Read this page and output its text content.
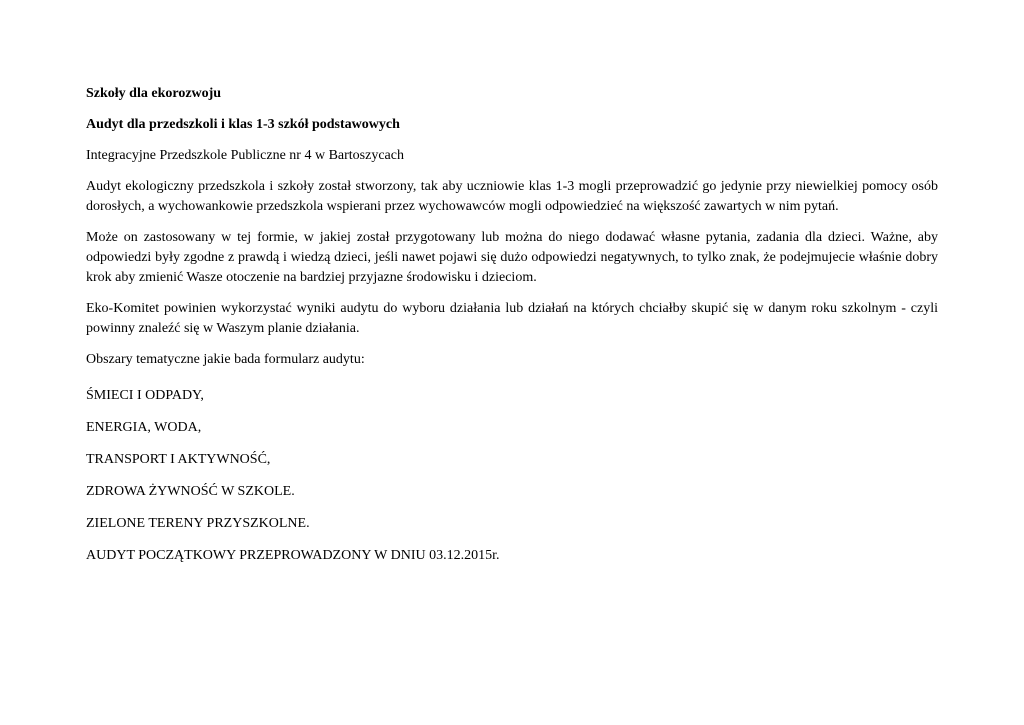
Szkoły dla ekorozwoju

Audyt dla przedszkoli i klas 1-3 szkół podstawowych

Integracyjne Przedszkole Publiczne nr 4 w Bartoszycach

Audyt ekologiczny przedszkola i szkoły został stworzony, tak aby uczniowie klas 1-3 mogli przeprowadzić go jedynie przy niewielkiej pomocy osób dorosłych, a wychowankowie przedszkola wspierani przez wychowawców mogli odpowiedzieć na większość zawartych w nim pytań.

Może on zastosowany w tej formie, w jakiej został przygotowany lub można do niego dodawać własne pytania, zadania dla dzieci. Ważne, aby odpowiedzi były zgodne z prawdą i wiedzą dzieci, jeśli nawet pojawi się dużo odpowiedzi negatywnych, to tylko znak, że podejmujecie właśnie dobry krok aby zmienić Wasze otoczenie na bardziej przyjazne środowisku i dzieciom.

Eko-Komitet powinien wykorzystać wyniki audytu do wyboru działania lub działań na których chciałby skupić się w danym roku szkolnym - czyli powinny znaleźć się w Waszym planie działania.

Obszary tematyczne jakie bada formularz audytu:

ŚMIECI I ODPADY,

ENERGIA, WODA,

TRANSPORT I AKTYWNOŚĆ,

ZDROWA ŻYWNOŚĆ W SZKOLE.

ZIELONE TERENY PRZYSZKOLNE.

AUDYT POCZĄTKOWY PRZEPROWADZONY W DNIU 03.12.2015r.
